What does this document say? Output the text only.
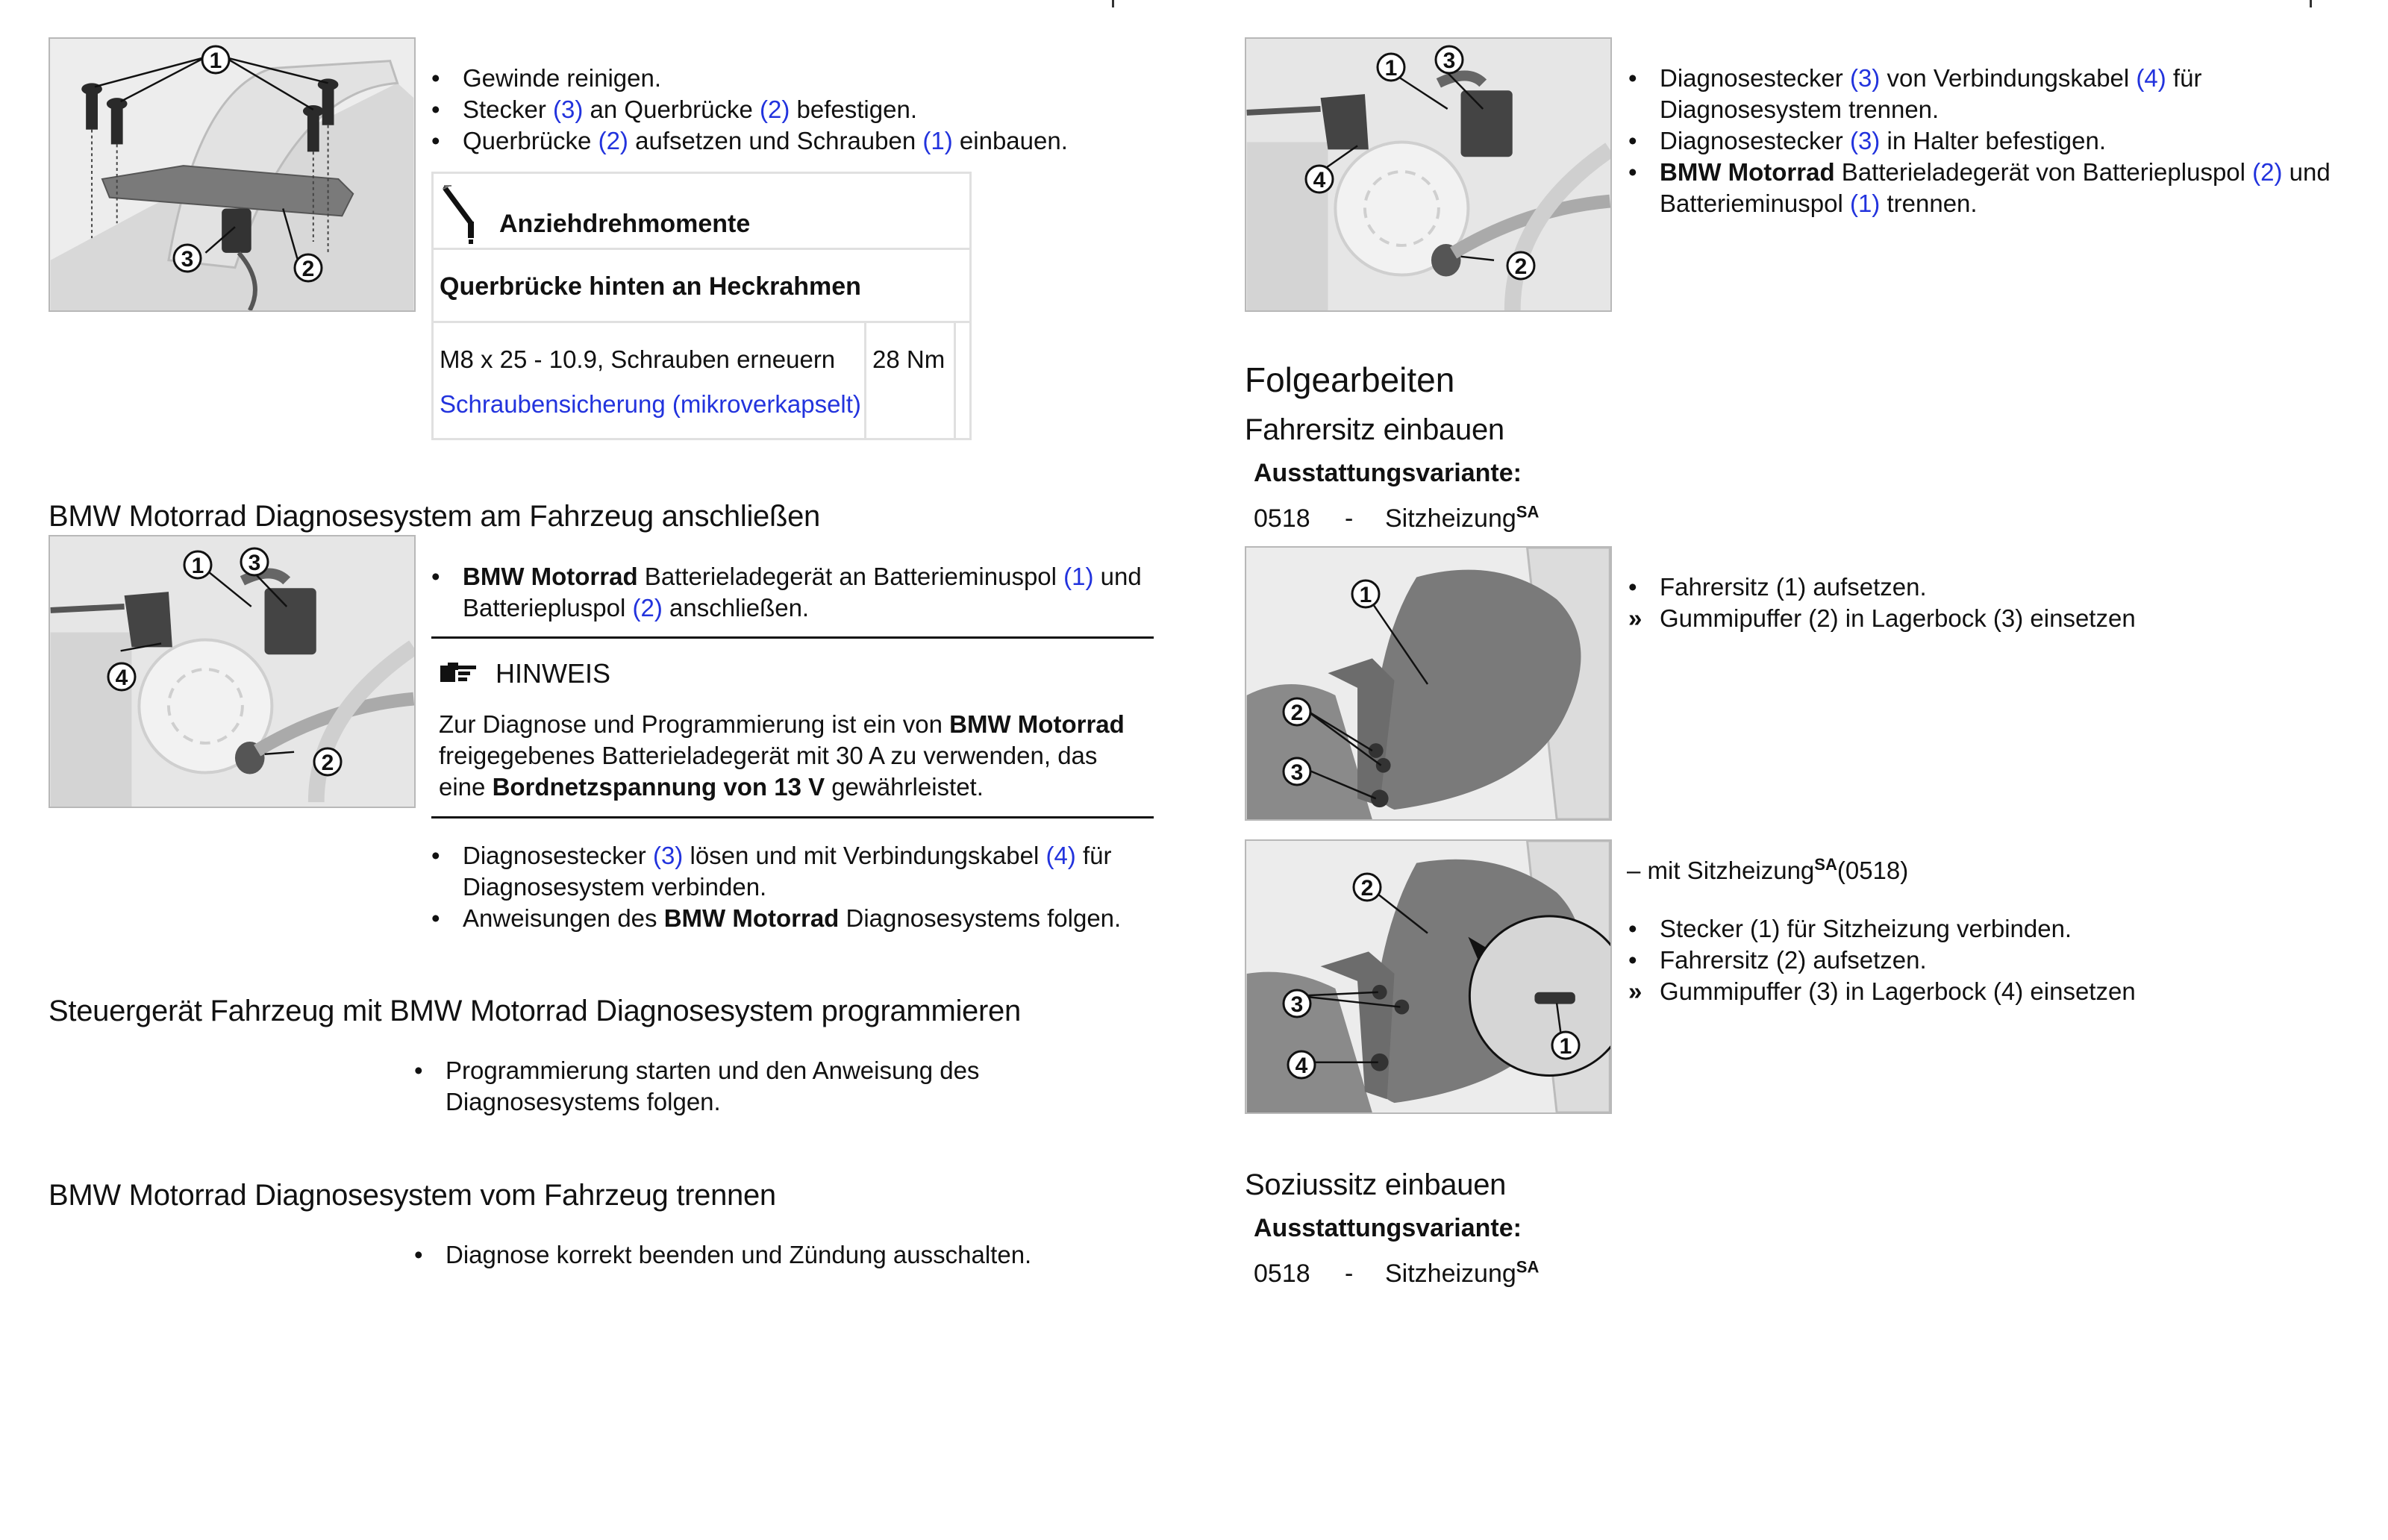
1
2
3
• Gewinde reinigen.
• Stecker (3) an Querbrücke (2) befestigen.
• Querbrücke (2) aufsetzen und Schrauben (1) einbauen.
Anziehdrehmomente
Querbrücke hinten an Heckrahmen
M8 x 25 - 10.9, Schrauben erneuern
Schraubensicherung (mikroverkapselt)
28 Nm
BMW Motorrad Diagnosesystem am Fahrzeug anschließen
1
2
3
4
• BMW Motorrad Batterieladegerät an Batterieminuspol (1) und Batteriepluspol (2) anschließen.
HINWEIS
Zur Diagnose und Programmierung ist ein von BMW Motorrad freigegebenes Batterieladegerät mit 30 A zu verwenden, das eine Bordnetzspannung von 13 V gewährleistet.
• Diagnosestecker (3) lösen und mit Verbindungskabel (4) für Diagnosesystem verbinden.
• Anweisungen des BMW Motorrad Diagnosesystems folgen.
Steuergerät Fahrzeug mit BMW Motorrad Diagnosesystem programmieren
• Programmierung starten und den Anweisung des Diagnosesystems folgen.
BMW Motorrad Diagnosesystem vom Fahrzeug trennen
• Diagnose korrekt beenden und Zündung ausschalten.
1
2
3
4
• Diagnosestecker (3) von Verbindungskabel (4) für Diagnosesystem trennen.
• Diagnosestecker (3) in Halter befestigen.
• BMW Motorrad Batterieladegerät von Batteriepluspol (2) und Batterieminuspol (1) trennen.
Folgearbeiten
Fahrersitz einbauen
Ausstattungsvariante:
0518 - Sitzheizung$^{SA}$
1
2
3
• Fahrersitz (1) aufsetzen.
» Gummipuffer (2) in Lagerbock (3) einsetzen
1
2
3
4
– mit Sitzheizung$^{SA}$(0518)
• Stecker (1) für Sitzheizung verbinden.
• Fahrersitz (2) aufsetzen.
» Gummipuffer (3) in Lagerbock (4) einsetzen
Soziussitz einbauen
Ausstattungsvariante:
0518 - Sitzheizung$^{SA}$
